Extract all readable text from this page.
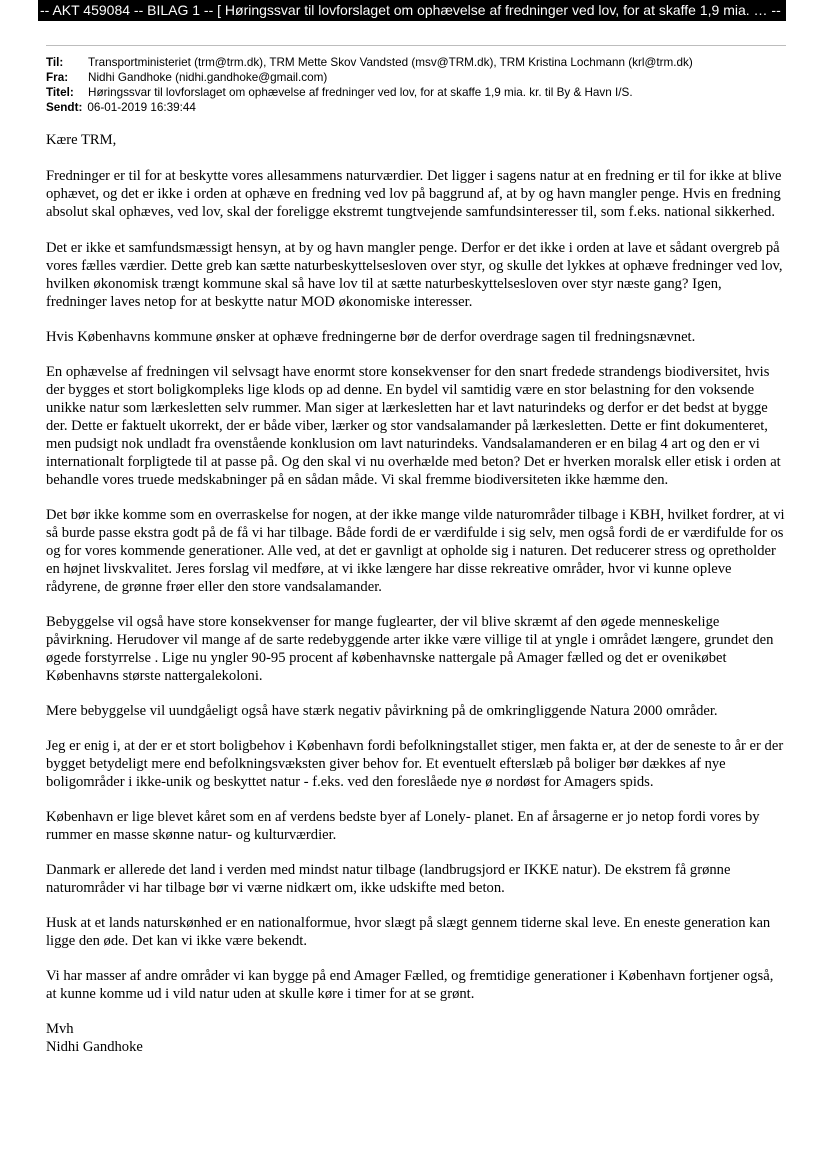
-- AKT 459084 -- BILAG 1 -- [ Høringssvar til lovforslaget om ophævelse af fredninger ved lov, for at skaffe 1,9 mia. … --
Til: Transportministeriet (trm@trm.dk), TRM Mette Skov Vandsted (msv@TRM.dk), TRM Kristina Lochmann (krl@trm.dk)
Fra: Nidhi Gandhoke (nidhi.gandhoke@gmail.com)
Titel: Høringssvar til lovforslaget om ophævelse af fredninger ved lov, for at skaffe 1,9 mia. kr. til By & Havn I/S.
Sendt: 06-01-2019 16:39:44

Kære TRM,

Fredninger er til for at beskytte vores allesammens naturværdier. Det ligger i sagens natur at en fredning er til for ikke at blive ophævet, og det er ikke i orden at ophæve en fredning ved lov på baggrund af, at by og havn mangler penge. Hvis en fredning absolut skal ophæves, ved lov, skal der foreligge ekstremt tungtvejende samfundsinteresser til, som f.eks. national sikkerhed.

Det er ikke et samfundsmæssigt hensyn, at by og havn mangler penge. Derfor er det ikke i orden at lave et sådant overgreb på vores fælles værdier. Dette greb kan sætte naturbeskyttelsesloven over styr, og skulle det lykkes at ophæve fredninger ved lov, hvilken økonomisk trængt kommune skal så have lov til at sætte naturbeskyttelsesloven over styr næste gang? Igen, fredninger laves netop for at beskytte natur MOD økonomiske interesser.

Hvis Københavns kommune ønsker at ophæve fredningerne bør de derfor overdrage sagen til fredningsnævnet.

En ophævelse af fredningen vil selvsagt have enormt store konsekvenser for den snart fredede strandengs biodiversitet, hvis der bygges et stort boligkompleks lige klods op ad denne. En bydel vil samtidig være en stor belastning for den voksende unikke natur som lærkesletten selv rummer. Man siger at lærkesletten har et lavt naturindeks og derfor er det bedst at bygge der. Dette er faktuelt ukorrekt, der er både viber, lærker og stor vandsalamander på lærkesletten. Dette er fint dokumenteret, men pudsigt nok undladt fra ovenstående konklusion om lavt naturindeks. Vandsalamanderen er en bilag 4 art og den er vi internationalt forpligtede til at passe på. Og den skal vi nu overhælde med beton? Det er hverken moralsk eller etisk i orden at behandle vores truede medskabninger på en sådan måde. Vi skal fremme biodiversiteten ikke hæmme den.

Det bør ikke komme som en overraskelse for nogen, at der ikke mange vilde naturområder tilbage i KBH, hvilket fordrer, at vi så burde passe ekstra godt på de få vi har tilbage. Både fordi de er værdifulde i sig selv, men også fordi de er værdifulde for os og for vores kommende generationer. Alle ved, at det er gavnligt at opholde sig i naturen. Det reducerer stress og opretholder en højnet livskvalitet. Jeres forslag vil medføre, at vi ikke længere har disse rekreative områder, hvor vi kunne opleve rådyrene, de grønne frøer eller den store vandsalamander.

Bebyggelse vil også have store konsekvenser for mange fuglearter, der vil blive skræmt af den øgede menneskelige påvirkning. Herudover vil mange af de sarte redebyggende arter ikke være villige til at yngle i området længere, grundet den øgede forstyrrelse . Lige nu yngler 90-95 procent af københavnske nattergale på Amager fælled og det er ovenikøbet Københavns største nattergalekoloni.

Mere bebyggelse vil uundgåeligt også have stærk negativ påvirkning på de omkringliggende Natura 2000 områder.

Jeg er enig i, at der er et stort boligbehov i København fordi befolkningstallet stiger, men fakta er, at der de seneste to år er der bygget betydeligt mere end befolkningsvæksten giver behov for. Et eventuelt efterslæb på boliger bør dækkes af nye boligområder i ikke-unik og beskyttet natur - f.eks. ved den foreslåede nye ø nordøst for Amagers spids.

København er lige blevet kåret som en af verdens bedste byer af Lonely- planet. En af årsagerne er jo netop fordi vores by rummer en masse skønne natur- og kulturværdier.

Danmark er allerede det land i verden med mindst natur tilbage (landbrugsjord er IKKE natur). De ekstrem få grønne naturområder vi har tilbage bør vi værne nidkært om, ikke udskifte med beton.

Husk at et lands naturskønhed er en nationalformue, hvor slægt på slægt gennem tiderne skal leve. En eneste generation kan ligge den øde. Det kan vi ikke være bekendt.

Vi har masser af andre områder vi kan bygge på end Amager Fælled, og fremtidige generationer i København fortjener også, at kunne komme ud i vild natur uden at skulle køre i timer for at se grønt.

Mvh

Nidhi Gandhoke
